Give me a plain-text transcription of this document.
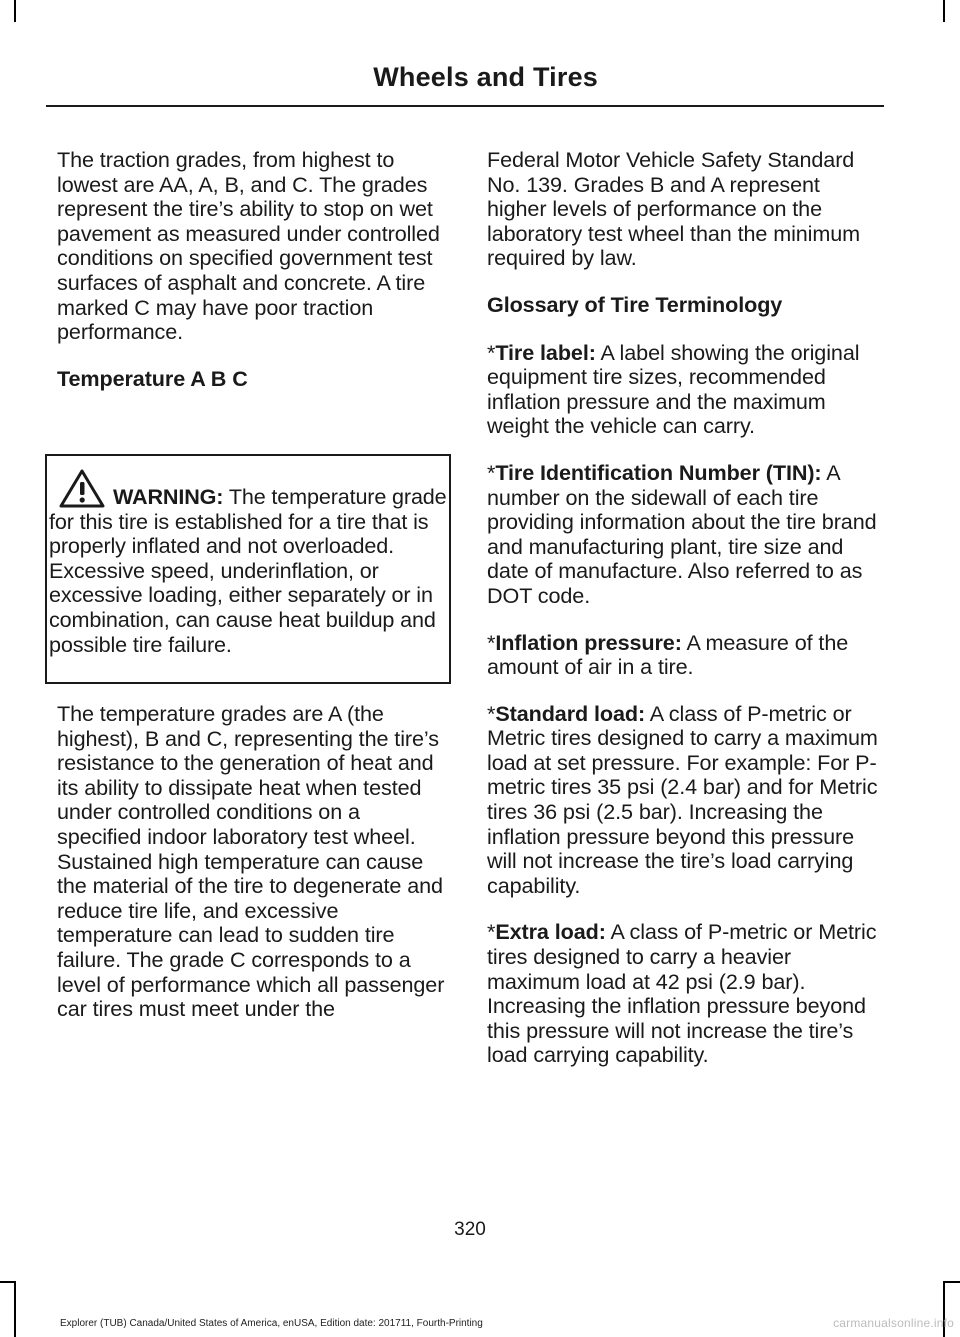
Wheels and Tires

The traction grades, from highest to lowest are AA, A, B, and C. The grades represent the tire’s ability to stop on wet pavement as measured under controlled conditions on specified government test surfaces of asphalt and concrete. A tire marked C may have poor traction performance.

Temperature A B C

WARNING: The temperature grade for this tire is established for a tire that is properly inflated and not overloaded. Excessive speed, underinflation, or excessive loading, either separately or in combination, can cause heat buildup and possible tire failure.

The temperature grades are A (the highest), B and C, representing the tire’s resistance to the generation of heat and its ability to dissipate heat when tested under controlled conditions on a specified indoor laboratory test wheel. Sustained high temperature can cause the material of the tire to degenerate and reduce tire life, and excessive temperature can lead to sudden tire failure. The grade C corresponds to a level of performance which all passenger car tires must meet under the

Federal Motor Vehicle Safety Standard No. 139. Grades B and A represent higher levels of performance on the laboratory test wheel than the minimum required by law.

Glossary of Tire Terminology

*Tire label: A label showing the original equipment tire sizes, recommended inflation pressure and the maximum weight the vehicle can carry.

*Tire Identification Number (TIN): A number on the sidewall of each tire providing information about the tire brand and manufacturing plant, tire size and date of manufacture. Also referred to as DOT code.

*Inflation pressure: A measure of the amount of air in a tire.

*Standard load: A class of P-metric or Metric tires designed to carry a maximum load at set pressure. For example: For P-metric tires 35 psi (2.4 bar) and for Metric tires 36 psi (2.5 bar). Increasing the inflation pressure beyond this pressure will not increase the tire’s load carrying capability.

*Extra load: A class of P-metric or Metric tires designed to carry a heavier maximum load at 42 psi (2.9 bar). Increasing the inflation pressure beyond this pressure will not increase the tire’s load carrying capability.

320
Explorer (TUB) Canada/United States of America, enUSA, Edition date: 201711, Fourth-Printing	carmanualsonline.info
